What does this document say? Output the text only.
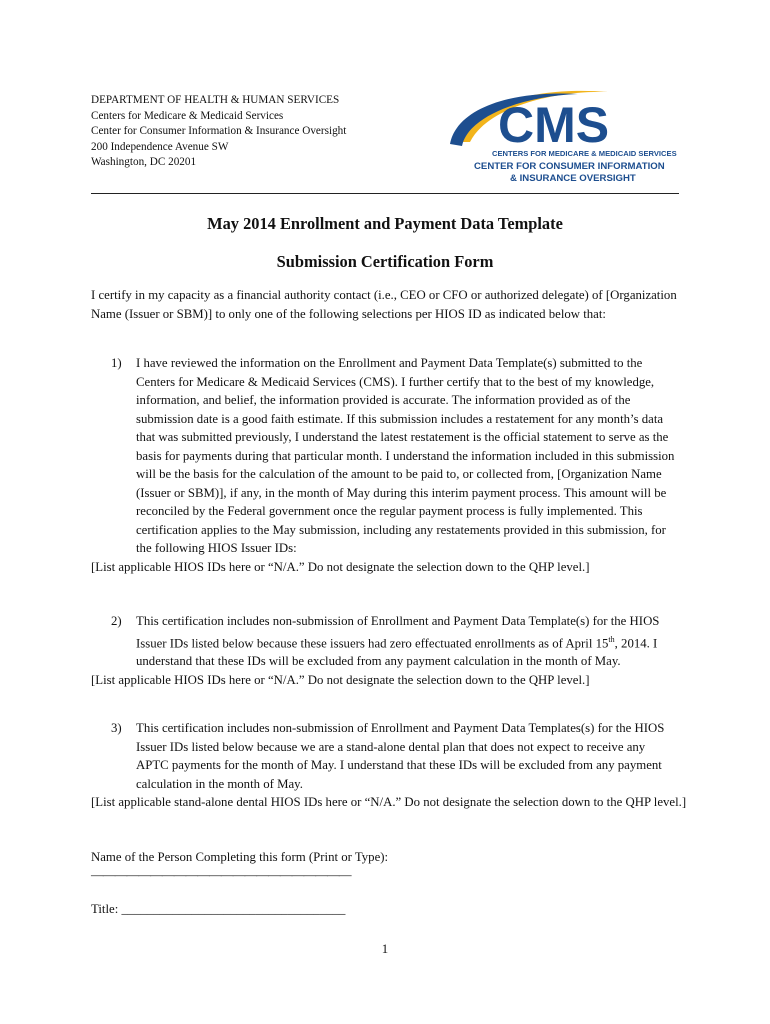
DEPARTMENT OF HEALTH & HUMAN SERVICES
Centers for Medicare & Medicaid Services
Center for Consumer Information & Insurance Oversight
200 Independence Avenue SW
Washington, DC 20201
CMS
CENTERS FOR MEDICARE & MEDICAID SERVICES
CENTER FOR CONSUMER INFORMATION
& INSURANCE OVERSIGHT
May 2014 Enrollment and Payment Data Template
Submission Certification Form
I certify in my capacity as a financial authority contact (i.e., CEO or CFO or authorized delegate) of [Organization Name (Issuer or SBM)] to only one of the following selections per HIOS ID as indicated below that:
1) I have reviewed the information on the Enrollment and Payment Data Template(s) submitted to the Centers for Medicare & Medicaid Services (CMS). I further certify that to the best of my knowledge, information, and belief, the information provided is accurate. The information provided as of the submission date is a good faith estimate. If this submission includes a restatement for any month’s data that was submitted previously, I understand the latest restatement is the official statement to serve as the basis for payments during that particular month. I understand the information included in this submission will be the basis for the calculation of the amount to be paid to, or collected from, [Organization Name (Issuer or SBM)], if any, in the month of May during this interim payment process. This amount will be reconciled by the Federal government once the regular payment process is fully implemented. This certification applies to the May submission, including any restatements provided in this submission, for the following HIOS Issuer IDs:
[List applicable HIOS IDs here or “N/A.” Do not designate the selection down to the QHP level.]
2) This certification includes non-submission of Enrollment and Payment Data Template(s) for the HIOS Issuer IDs listed below because these issuers had zero effectuated enrollments as of April 15th, 2014. I understand that these IDs will be excluded from any payment calculation in the month of May.
[List applicable HIOS IDs here or “N/A.” Do not designate the selection down to the QHP level.]
3) This certification includes non-submission of Enrollment and Payment Data Templates(s) for the HIOS Issuer IDs listed below because we are a stand-alone dental plan that does not expect to receive any APTC payments for the month of May. I understand that these IDs will be excluded from any payment calculation in the month of May.
[List applicable stand-alone dental HIOS IDs here or “N/A.” Do not designate the selection down to the QHP level.]
Name of the Person Completing this form (Print or Type):
——————————————————————
Title: ___________________________________
1
